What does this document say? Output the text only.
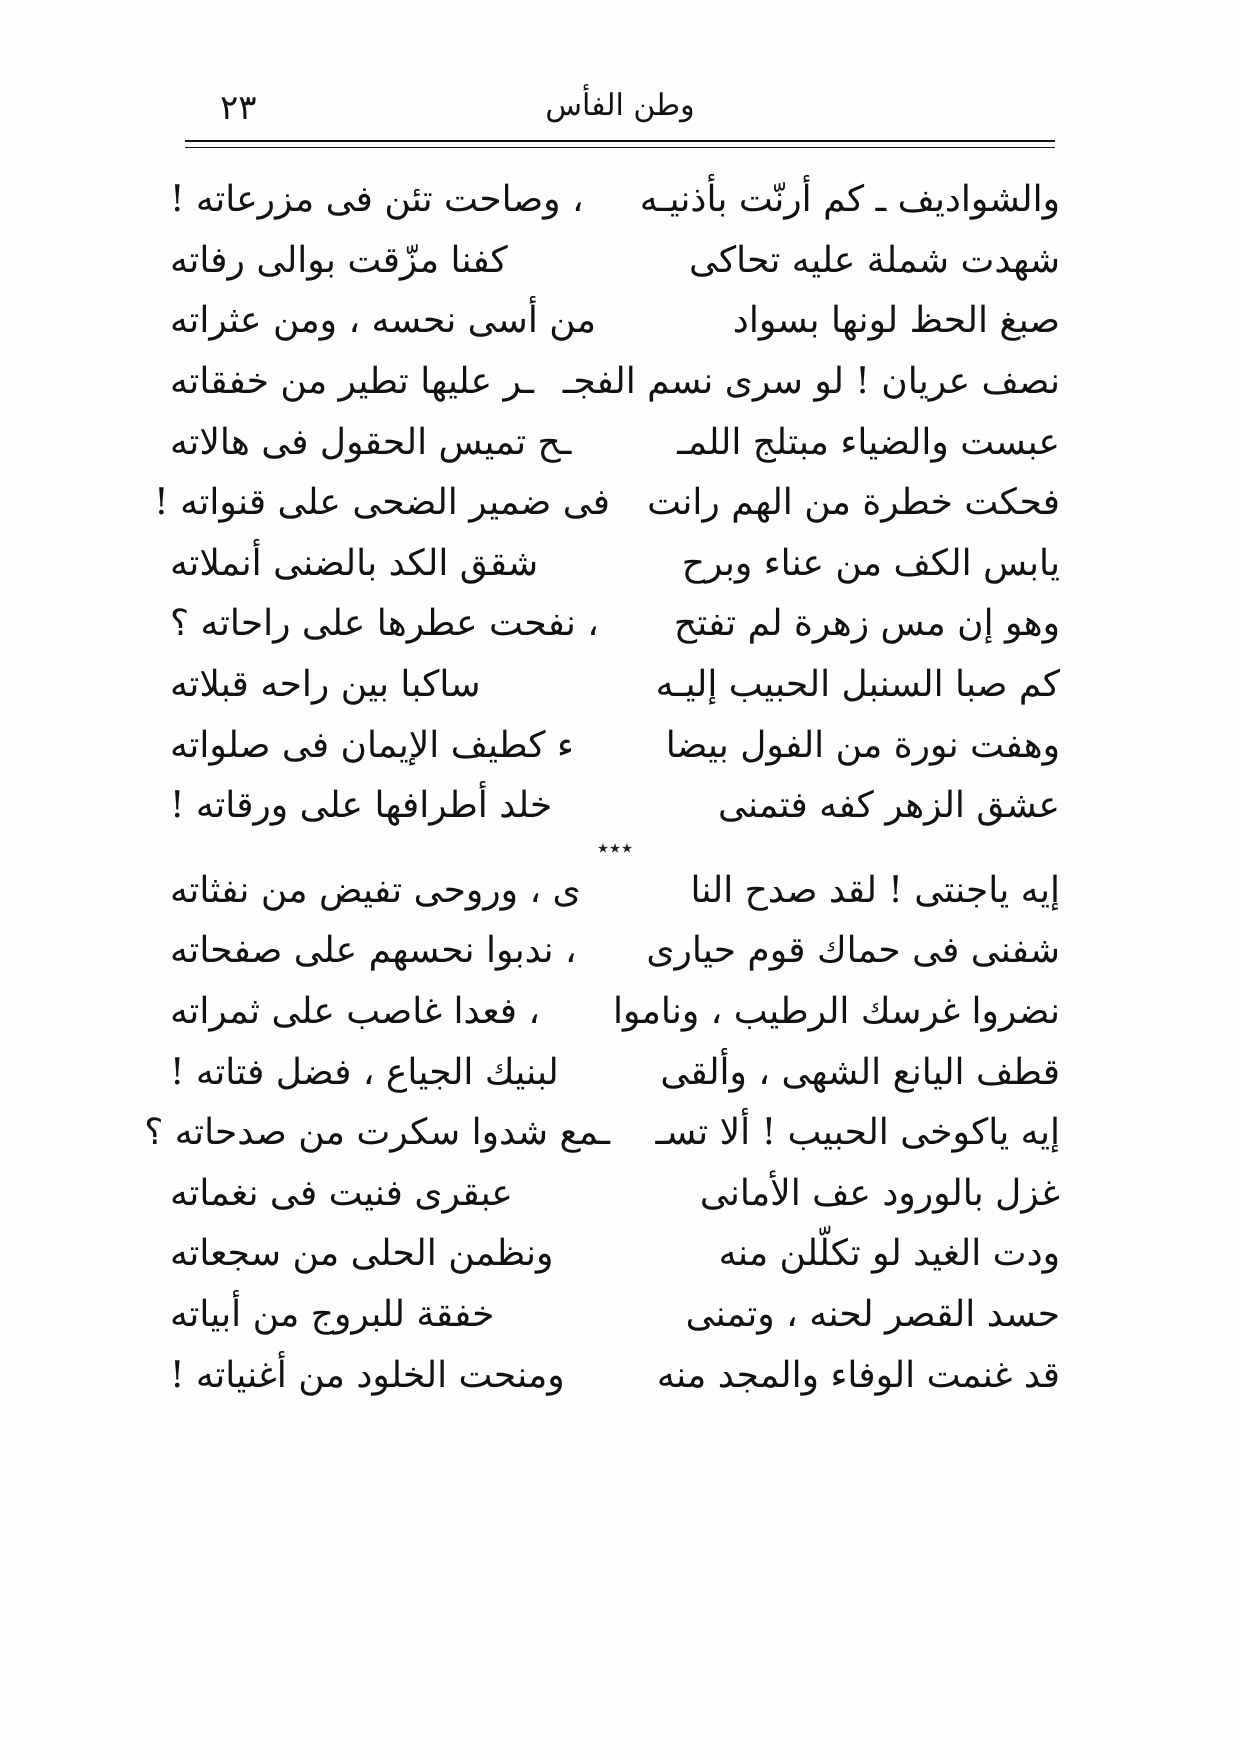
٢٣	وطن الفأس
والشواديف ـ كم أرنّت بأذنيـه
، وصاحت تئن فى مزرعاته !
شهدت شملة عليه تحاكى
كفنا مزّقت بوالى رفاته
صبغ الحظ لونها بسواد
من أسى نحسه ، ومن عثراته
نصف عريان ! لو سرى نسم الفجـ
ـر عليها تطير من خفقاته
عبست والضياء مبتلج اللمـ
ـح تميس الحقول فى هالاته
فحكت خطرة من الهم رانت
فى ضمير الضحى على قنواته !
يابس الكف من عناء وبرح
شقق الكد بالضنى أنملاته
وهو إن مس زهرة لم تفتح
، نفحت عطرها على راحاته ؟
كم صبا السنبل الحبيب إليـه
ساكبا بين راحه قبلاته
وهفت نورة من الفول بيضا
ء كطيف الإيمان فى صلواته
عشق الزهر كفه فتمنى
خلد أطرافها على ورقاته !
٭٭٭
إيه ياجنتى ! لقد صدح النا
ى ، وروحى تفيض من نفثاته
شفنى فى حماك قوم حيارى
، ندبوا نحسهم على صفحاته
نضروا غرسك الرطيب ، وناموا
، فعدا غاصب على ثمراته
قطف اليانع الشهى ، وألقى
لبنيك الجياع ، فضل فتاته !
إيه ياكوخى الحبيب ! ألا تسـ
ـمع شدوا سكرت من صدحاته ؟
غزل بالورود عف الأمانى
عبقرى فنيت فى نغماته
ودت الغيد لو تكلّلن منه
ونظمن الحلى من سجعاته
حسد القصر لحنه ، وتمنى
خفقة للبروج من أبياته
قد غنمت الوفاء والمجد منه
ومنحت الخلود من أغنياته !
